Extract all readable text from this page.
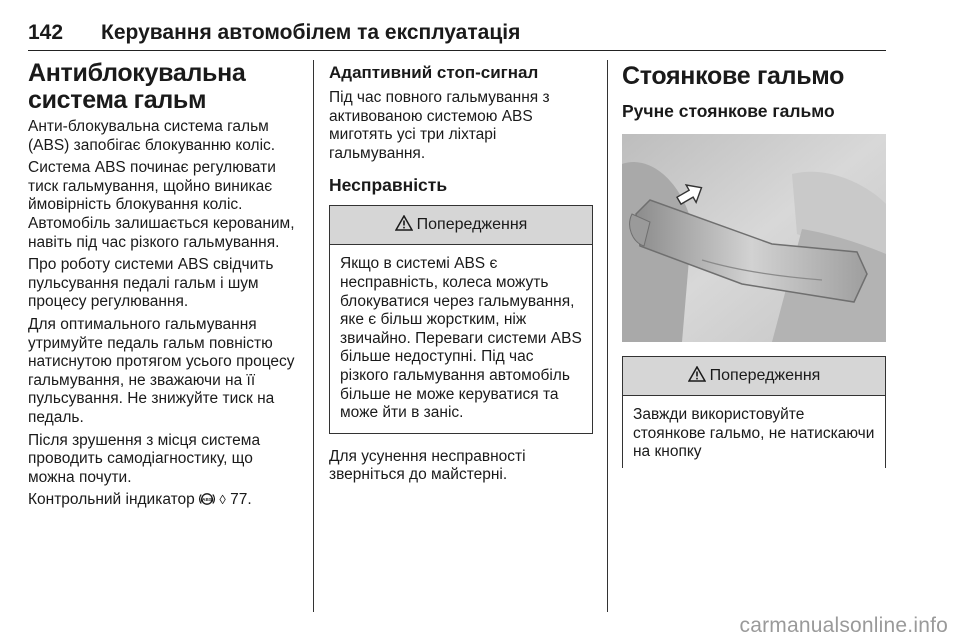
142 Керування автомобілем та експлуатація
Антиблокувальна система гальм

Анти-блокувальна система гальм (ABS) запобігає блокуванню коліс.

Система ABS починає регулювати тиск гальмування, щойно виникає ймовірність блокування коліс. Автомобіль залишається керованим, навіть під час різкого гальмування.

Про роботу системи ABS свідчить пульсування педалі гальм і шум процесу регулювання.

Для оптимального гальмування утримуйте педаль гальм повністю натиснутою протягом усього процесу гальмування, не зважаючи на її пульсування. Не знижуйте тиск на педаль.

Після зрушення з місця система проводить самодіагностику, що можна почути.

Контрольний індикатор (ABS) ◊ 77.

Адаптивний стоп-сигнал

Під час повного гальмування з активованою системою ABS миготять усі три ліхтарі гальмування.

Несправність
Попередження

Якщо в системі ABS є несправність, колеса можуть блокуватися через гальмування, яке є більш жорстким, ніж звичайно. Переваги системи ABS більше недоступні. Під час різкого гальмування автомобіль більше не може керуватися та може йти в заніс.

Для усунення несправності зверніться до майстерні.

Стоянкове гальмо
Ручне стоянкове гальмо
Попередження

Завжди використовуйте стоянкове гальмо, не натискаючи на кнопку

carmanualsonline.info
